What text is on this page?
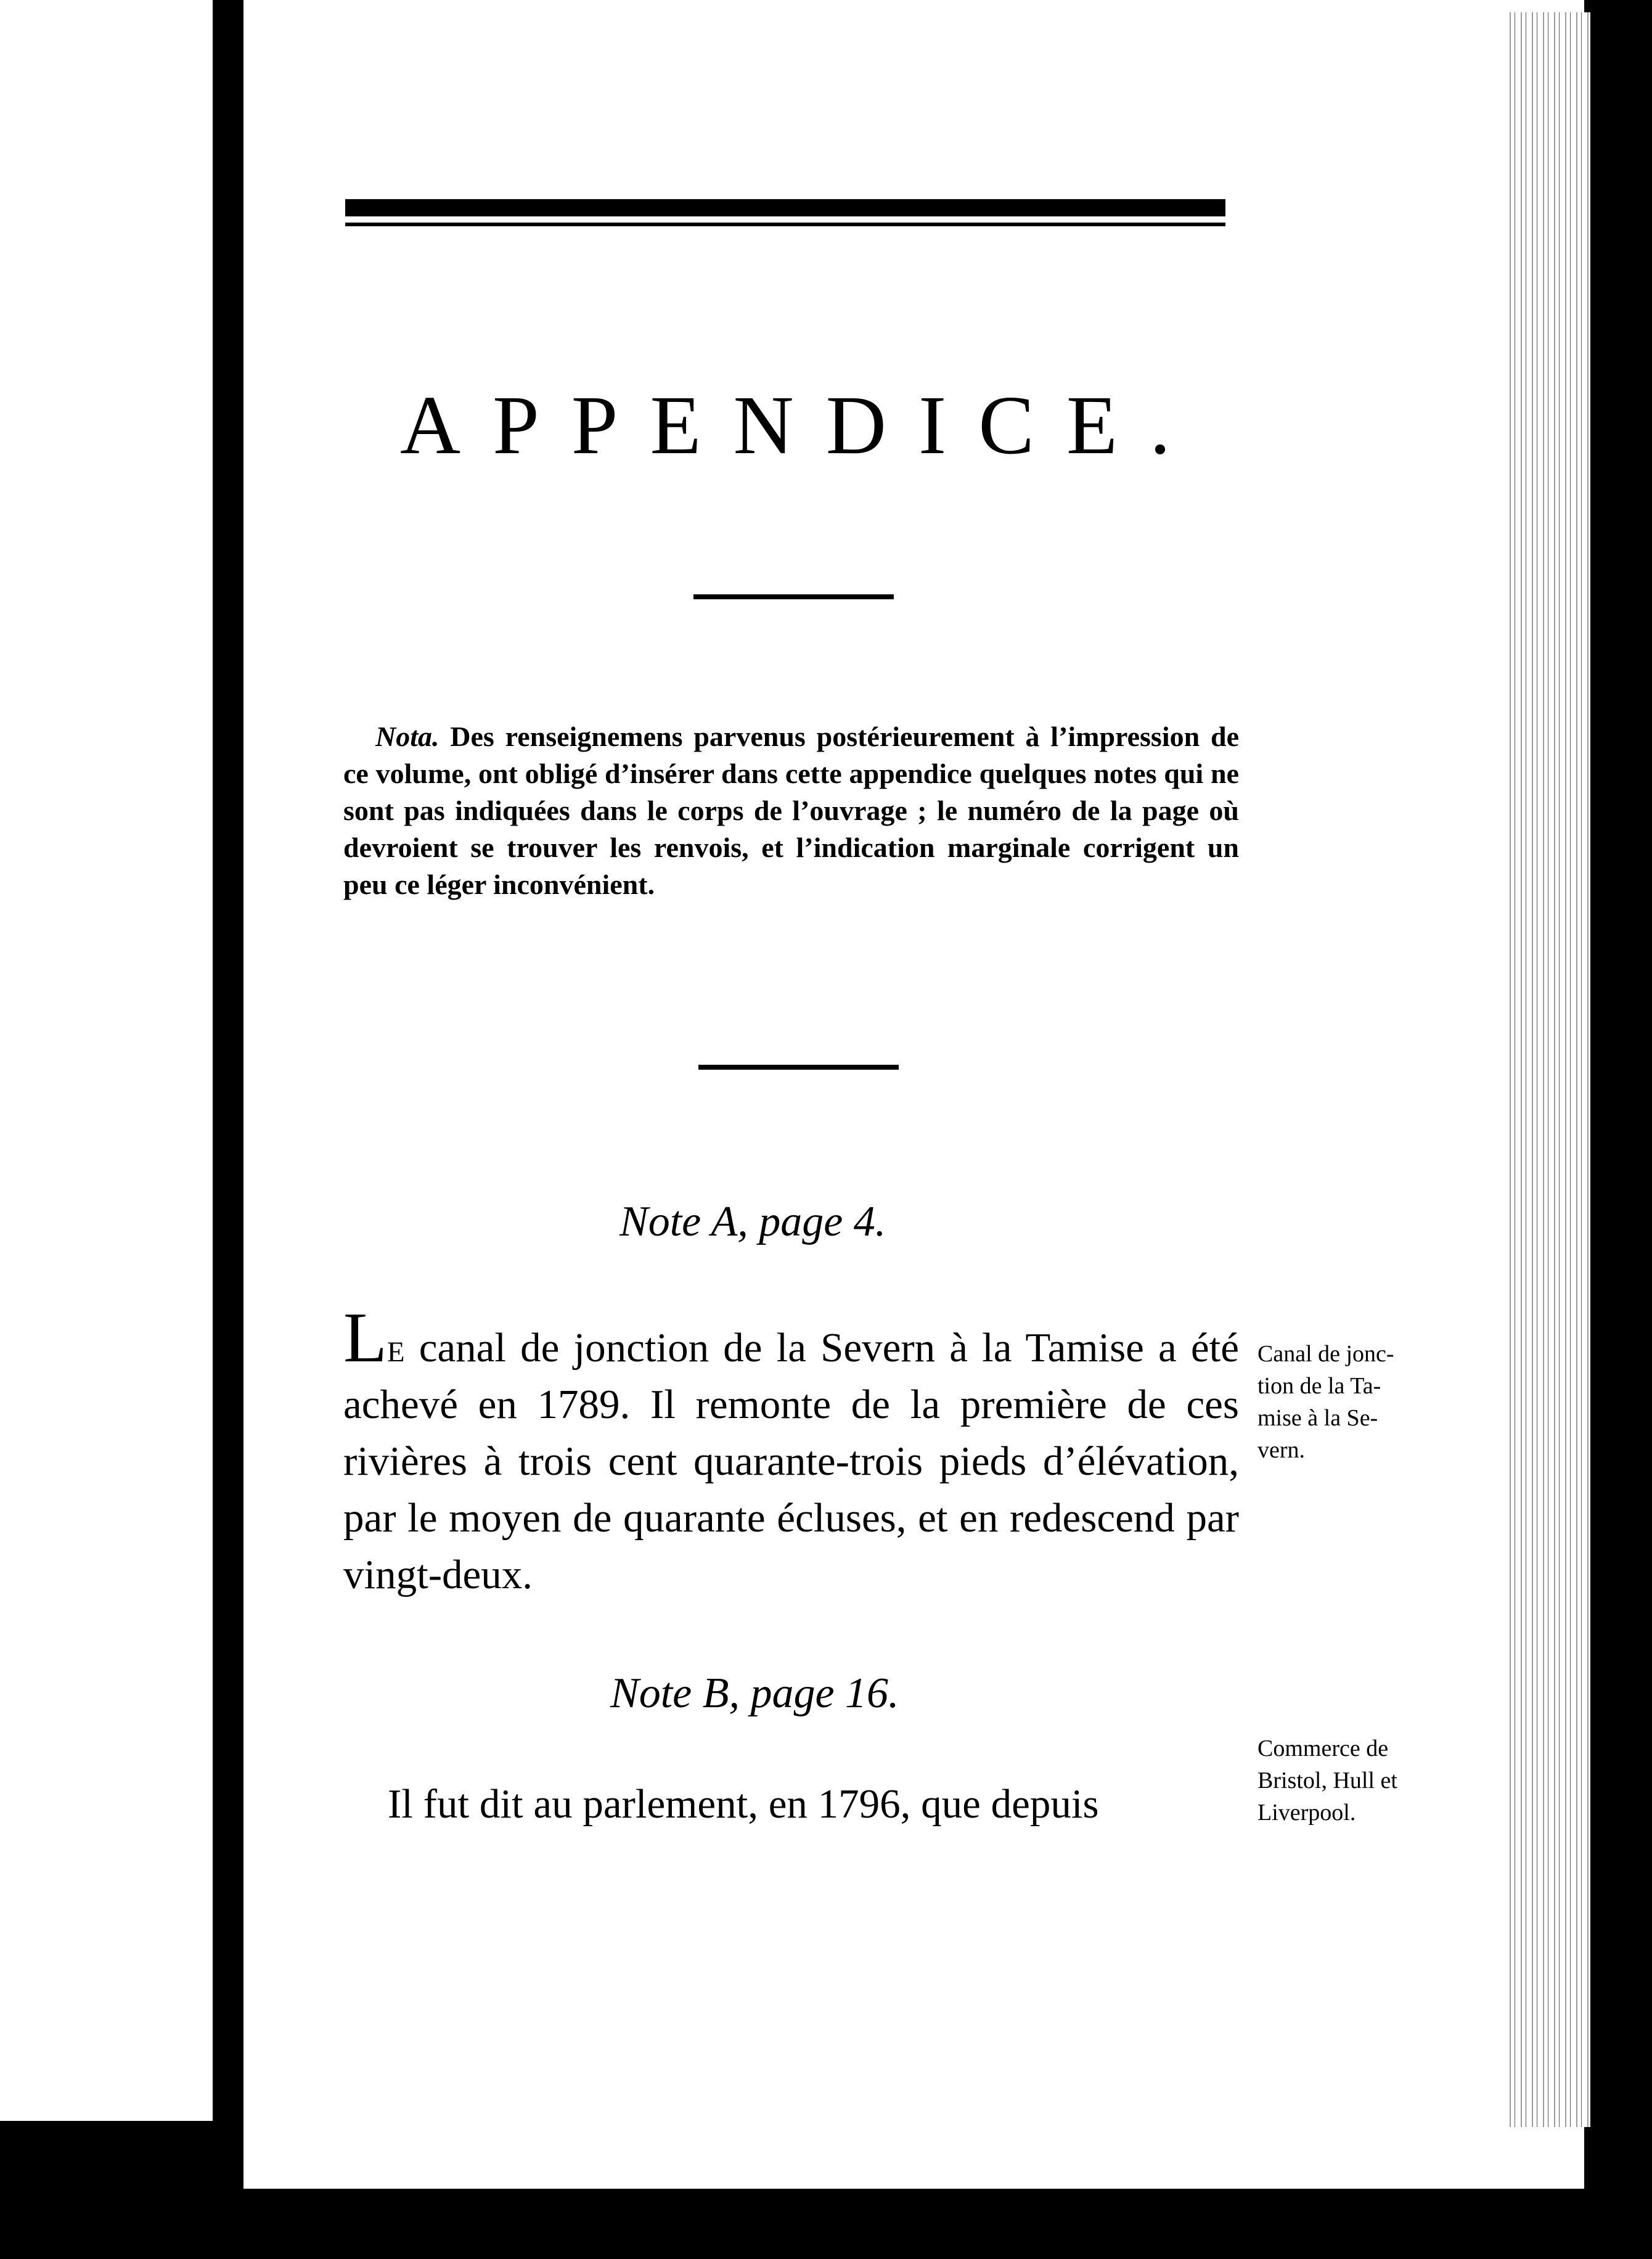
APPENDICE.

Nota. Des renseignemens parvenus postérieurement à l’impression de ce volume, ont obligé d’insérer dans cette appendice quelques notes qui ne sont pas indiquées dans le corps de l’ouvrage ; le numéro de la page où devroient se trouver les renvois, et l’indication marginale corrigent un peu ce léger inconvénient.

Note A, page 4.

Le canal de jonction de la Severn à la Tamise a été achevé en 1789. Il remonte de la première de ces rivières à trois cent quarante-trois pieds d’élévation, par le moyen de quarante écluses, et en redescend par vingt-deux.

Canal de jonc-
tion de la Ta-
mise à la Se-
vern.
Note B, page 16.

Il fut dit au parlement, en 1796, que depuis

Commerce de
Bristol, Hull et
Liverpool.
